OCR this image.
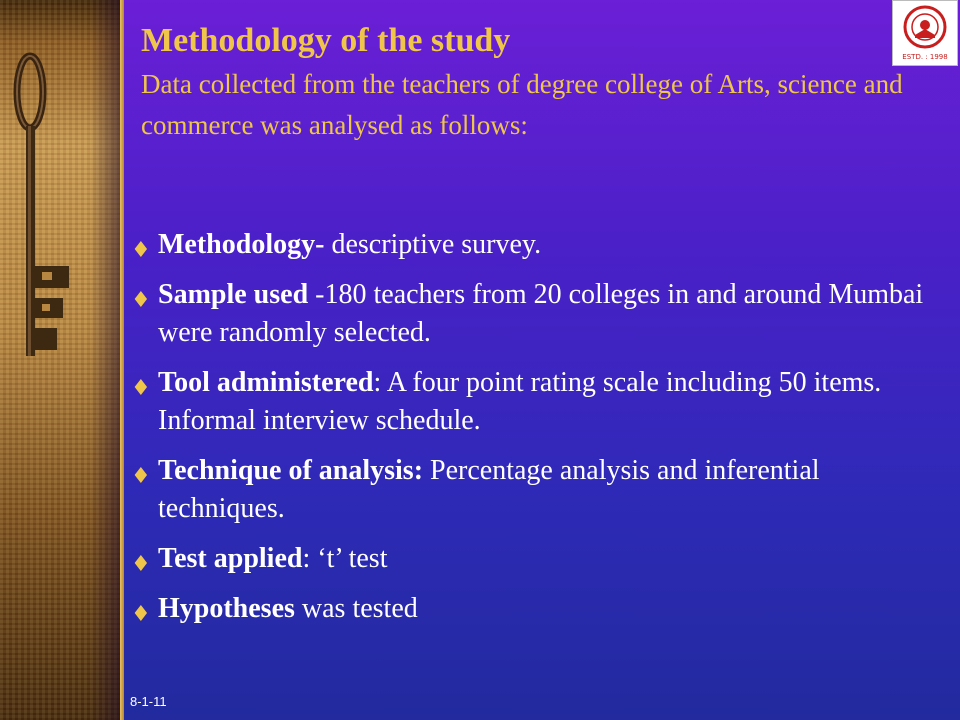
ESTD. : 1998
Methodology of the study
Data collected from the teachers of degree college of Arts, science and commerce was analysed as follows:
♦ Methodology- descriptive survey.
♦ Sample used -180 teachers from 20 colleges in and around Mumbai were randomly selected.
♦ Tool administered: A four point rating scale including 50 items. Informal interview schedule.
♦ Technique of analysis: Percentage analysis and inferential techniques.
♦ Test applied: ‘t’ test
♦ Hypotheses was tested
8-1-11
